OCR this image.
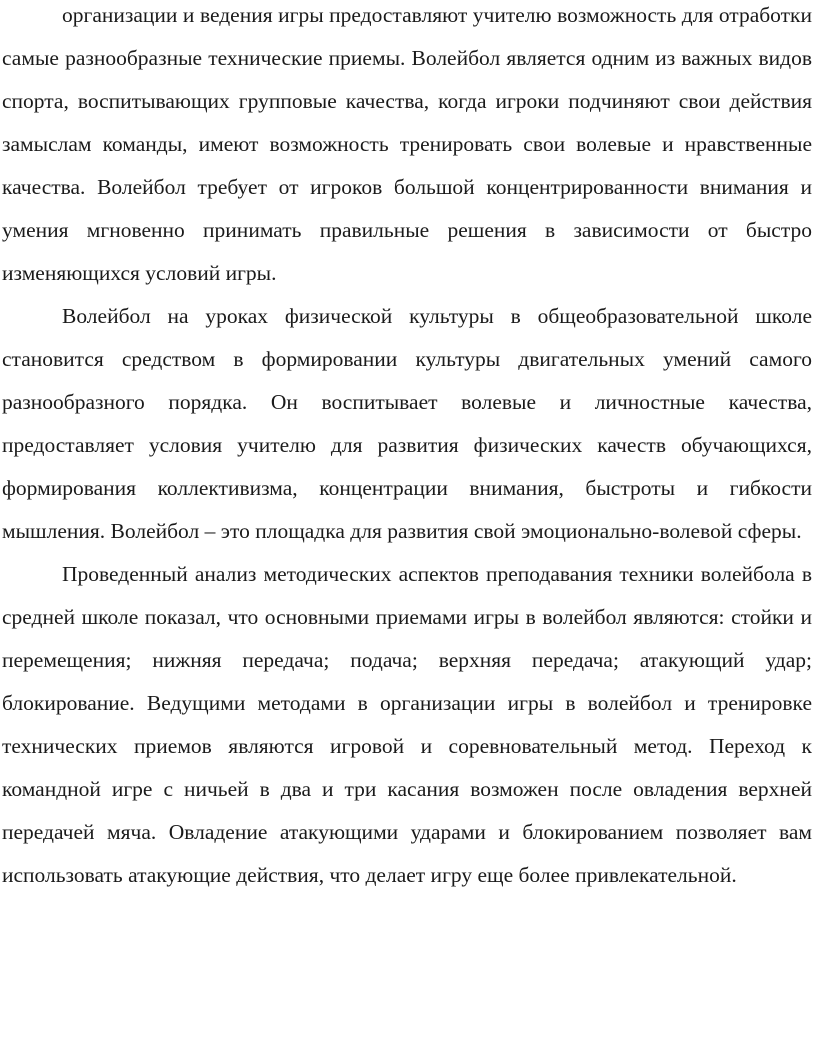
организации и ведения игры предоставляют учителю возможность для отработки самые разнообразные технические приемы. Волейбол является одним из важных видов спорта, воспитывающих групповые качества, когда игроки подчиняют свои действия замыслам команды, имеют возможность тренировать свои волевые и нравственные качества. Волейбол требует от игроков большой концентрированности внимания и умения мгновенно принимать правильные решения в зависимости от быстро изменяющихся условий игры.

Волейбол на уроках физической культуры в общеобразовательной школе становится средством в формировании культуры двигательных умений самого разнообразного порядка. Он воспитывает волевые и личностные качества, предоставляет условия учителю для развития физических качеств обучающихся, формирования коллективизма, концентрации внимания, быстроты и гибкости мышления. Волейбол – это площадка для развития свой эмоционально-волевой сферы.

Проведенный анализ методических аспектов преподавания техники волейбола в средней школе показал, что основными приемами игры в волейбол являются: стойки и перемещения; нижняя передача; подача; верхняя передача; атакующий удар; блокирование. Ведущими методами в организации игры в волейбол и тренировке технических приемов являются игровой и соревновательный метод. Переход к командной игре с ничьей в два и три касания возможен после овладения верхней передачей мяча. Овладение атакующими ударами и блокированием позволяет вам использовать атакующие действия, что делает игру еще более привлекательной.
